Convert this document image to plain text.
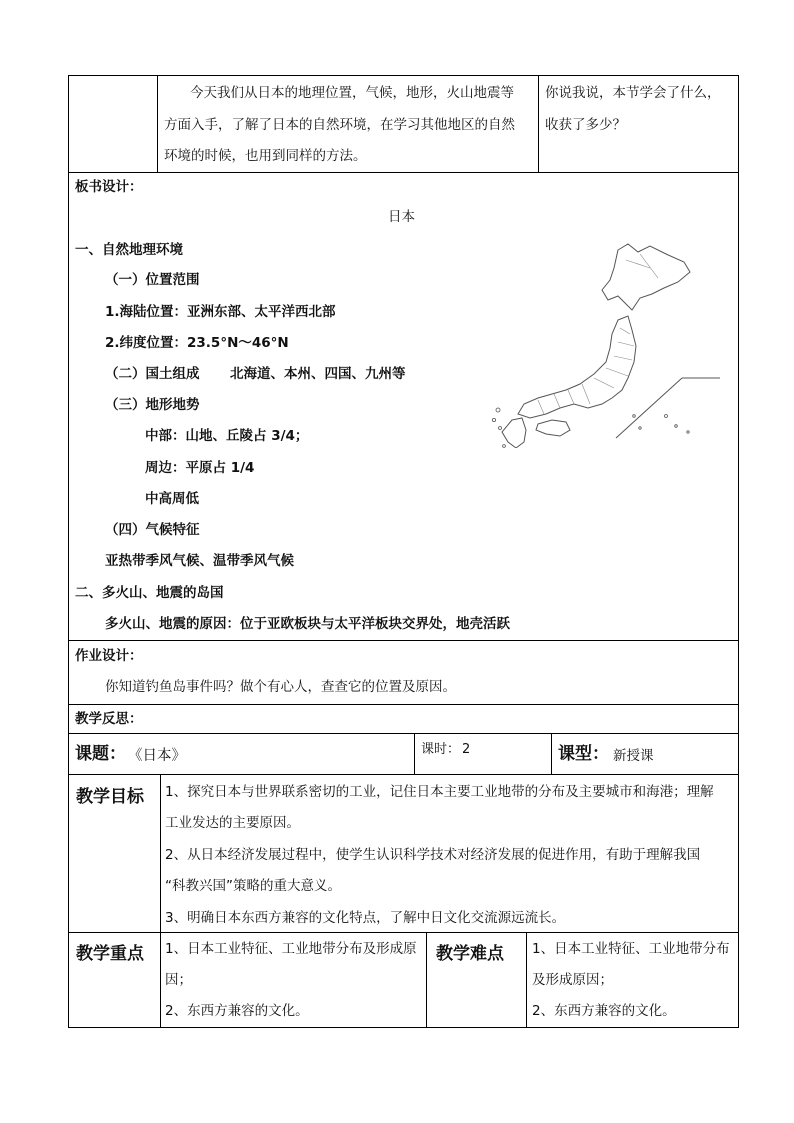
今天我们从日本的地理位置，气候，地形，火山地震等
方面入手，了解了日本的自然环境，在学习其他地区的自然
环境的时候，也用到同样的方法。
你说我说，本节学会了什么，
收获了多少？
板书设计：
日本
一、自然地理环境
（一）位置范围
1.海陆位置：亚洲东部、太平洋西北部
2.纬度位置：23.5°N～46°N
（二）国土组成 北海道、本州、四国、九州等
（三）地形地势
中部：山地、丘陵占 3/4；
周边：平原占 1/4
中高周低
（四）气候特征
亚热带季风气候、温带季风气候
二、多火山、地震的岛国
多火山、地震的原因：位于亚欧板块与太平洋板块交界处，地壳活跃
作业设计：
你知道钓鱼岛事件吗？做个有心人，查查它的位置及原因。
教学反思：
课题： 《日本》	课时： 2	课型： 新授课
教学目标 1、探究日本与世界联系密切的工业，记住日本主要工业地带的分布及主要城市和海港；理解
工业发达的主要原因。
2、从日本经济发展过程中，使学生认识科学技术对经济发展的促进作用，有助于理解我国
“科教兴国”策略的重大意义。
3、明确日本东西方兼容的文化特点，了解中日文化交流源远流长。
教学重点 1、日本工业特征、工业地带分布及形成原
因；
2、东西方兼容的文化。
教学难点 1、日本工业特征、工业地带分布
及形成原因；
2、东西方兼容的文化。
